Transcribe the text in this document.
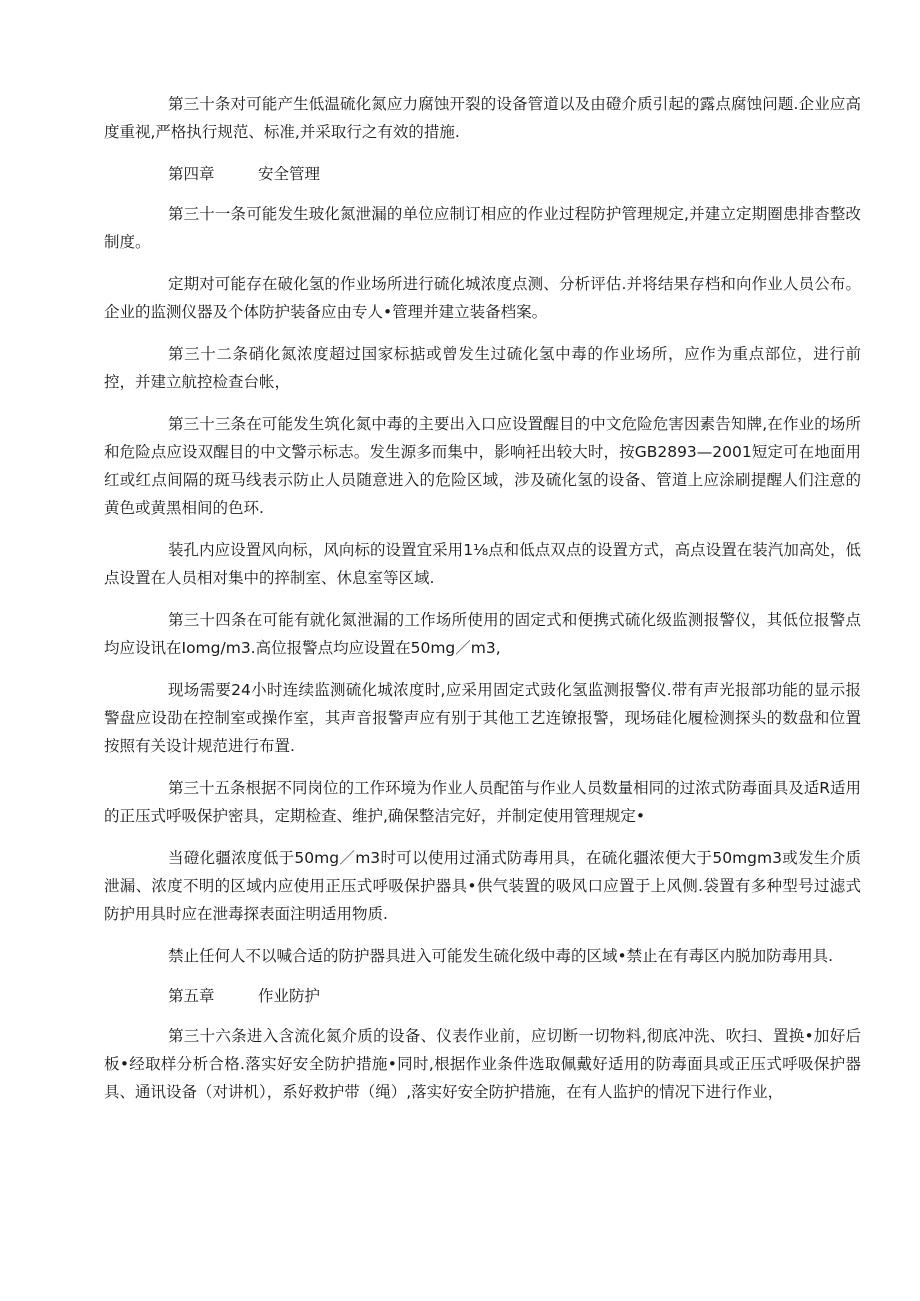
第三十条对可能产生低温硫化氮应力腐蚀开裂的设备管道以及由磴介质引起的露点腐蚀问题.企业应高度重视,严格执行规范、标准,并采取行之有效的措施.

第四章	安全管理

第三十一条可能发生玻化氮泄漏的单位应制订相应的作业过程防护管理规定,并建立定期圈患排杳整改制度。

定期对可能存在破化氢的作业场所进行硫化城浓度点测、分析评估.并将结果存档和向作业人员公布。企业的监测仪器及个体防护装备应由专人•管理并建立装备档案。

第三十二条硝化氮浓度超过国家标掂或曾发生过硫化氢中毒的作业场所，应作为重点部位，进行前控，并建立航控检查台帐，

第三十三条在可能发生筑化氮中毒的主要出入口应设置醒目的中文危险危害因素告知牌,在作业的场所和危险点应设双醒目的中文警示标志。发生源多而集中，影响衽出较大时，按GB2893—2001短定可在地面用红或红点间隔的斑马线表示防止人员随意进入的危险区域，涉及硫化氢的设备、管道上应涂刷提醒人们注意的黄色或黄黑相间的色环.

装孔内应设置风向标，风向标的设置宜采用1⅛点和低点双点的设置方式，高点设置在装汽加高处，低点设置在人员相对集中的捽制室、休息室等区域.

第三十四条在可能有就化氮泄漏的工作场所使用的固定式和便携式硫化级监测报警仪，其低位报警点均应设讯在Iomg/m3.高位报警点均应设置在50mg／m3,

现场需要24小时连续监测硫化城浓度时,应采用固定式豉化氢监测报警仪.带有声光报部功能的显示报警盘应设劭在控制室或操作室，其声音报警声应有别于其他工艺连镣报警，现场硅化履检测探头的数盘和位置按照有关设计规范进行布置.

第三十五条根据不同岗位的工作环境为作业人员配笛与作业人员数量相同的过浓式防毒面具及适R适用的正压式呼吸保护密具，定期检查、维护,确保整洁完好，并制定使用管理规定•

当磴化疆浓度低于50mg／m3时可以使用过涌式防毒用具，在硫化疆浓便大于50mgm3或发生介质泄漏、浓度不明的区域内应使用正压式呼吸保护器具•供气装置的吸风口应置于上风侧.袋置有多种型号过滤式防护用具时应在泄毒探表面注明适用物质.

禁止任何人不以喊合适的防护器具进入可能发生硫化级中毒的区域•禁止在有毒区内脱加防毒用具.

第五章	作业防护

第三十六条进入含流化氮介质的设备、仪表作业前，应切断一切物料,彻底冲洗、吹扫、置换•加好后板•经取样分析合格.落实好安全防护措施•同时,根据作业条件选取佩戴好适用的防毒面具或正压式呼吸保护器具、通讯设备（对讲机），系好救护带（绳）,落实好安全防护措施，在有人监护的情况下进行作业，
